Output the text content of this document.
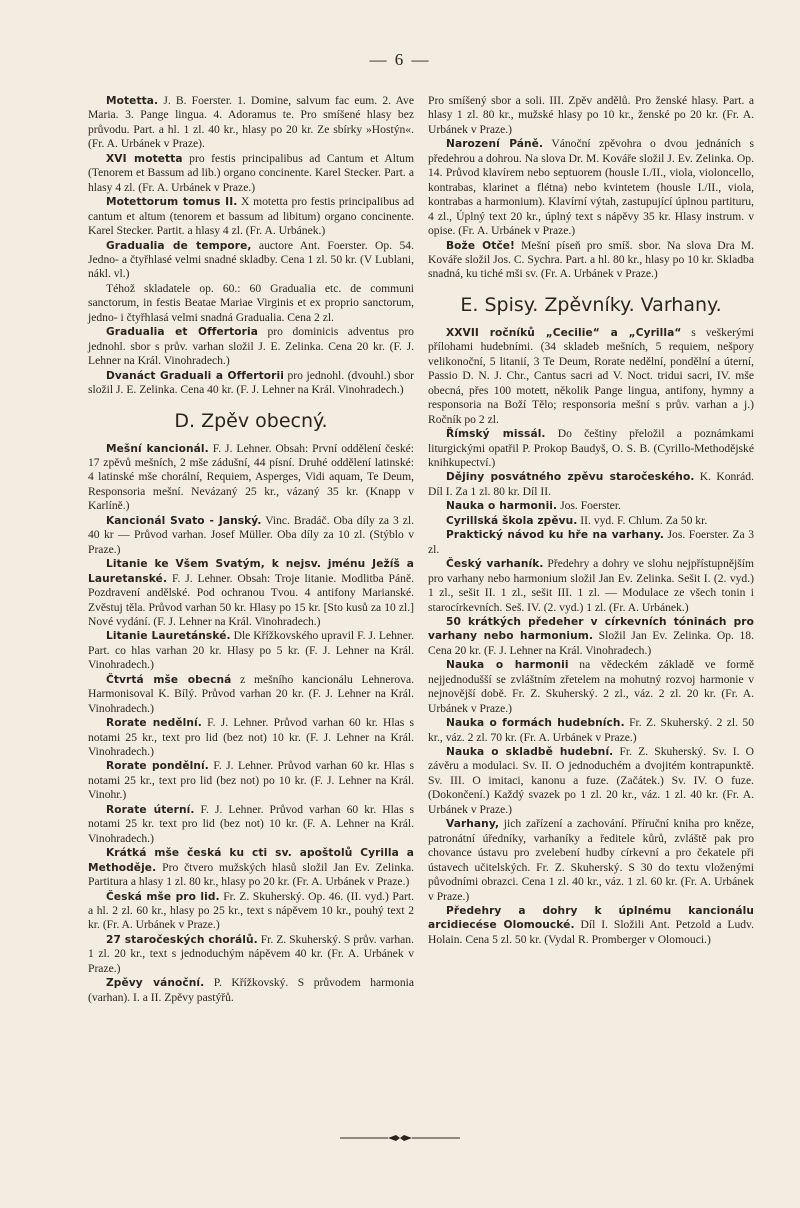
— 6 —

Motetta. J. B. Foerster. 1. Domine, salvum fac eum. 2. Ave Maria. 3. Pange lingua. 4. Adoramus te. Pro smíšené hlasy bez průvodu. Part. a hl. 1 zl. 40 kr., hlasy po 20 kr. Ze sbírky »Hostýn«. (Fr. A. Urbánek v Praze).

XVI motetta pro festis principalibus ad Cantum et Altum (Tenorem et Bassum ad lib.) organo concinente. Karel Stecker. Part. a hlasy 4 zl. (Fr. A. Urbánek v Praze.)

Motettorum tomus II. X motetta pro festis principalibus ad cantum et altum (tenorem et bassum ad libitum) organo concinente. Karel Stecker. Partit. a hlasy 4 zl. (Fr. A. Urbánek.)

Gradualia de tempore, auctore Ant. Foerster. Op. 54. Jedno- a čtyřhlasé velmi snadné skladby. Cena 1 zl. 50 kr. (V Lublani, nákl. vl.)

Téhož skladatele op. 60.: 60 Gradualia etc. de communi sanctorum, in festis Beatae Mariae Virginis et ex proprio sanctorum, jedno- i čtyřhlasá velmi snadná Gradualia. Cena 2 zl.

Gradualia et Offertoria pro dominicis adventus pro jednohl. sbor s prův. varhan složil J. E. Zelinka. Cena 20 kr. (F. J. Lehner na Král. Vinohradech.)

Dvanáct Graduali a Offertorii pro jednohl. (dvouhl.) sbor složil J. E. Zelinka. Cena 40 kr. (F. J. Lehner na Král. Vinohradech.)

D. Zpěv obecný.

Mešní kancionál. F. J. Lehner. Obsah: První oddělení české: 17 zpěvů mešních, 2 mše zádušní, 44 písní. Druhé oddělení latinské: 4 latinské mše chorální, Requiem, Asperges, Vidi aquam, Te Deum, Responsoria mešní. Nevázaný 25 kr., vázaný 35 kr. (Knapp v Karlíně.)

Kancionál Svato - Janský. Vinc. Bradáč. Oba díly za 3 zl. 40 kr — Průvod varhan. Josef Müller. Oba díly za 10 zl. (Stýblo v Praze.)

Litanie ke Všem Svatým, k nejsv. jménu Ježíš a Lauretanské. F. J. Lehner. Obsah: Troje litanie. Modlitba Páně. Pozdravení andělské. Pod ochranou Tvou. 4 antifony Marianské. Zvěstuj těla. Průvod varhan 50 kr. Hlasy po 15 kr. [Sto kusů za 10 zl.] Nové vydání. (F. J. Lehner na Král. Vinohradech.)

Litanie Lauretánské. Dle Křížkovského upravil F. J. Lehner. Part. co hlas varhan 20 kr. Hlasy po 5 kr. (F. J. Lehner na Král. Vinohradech.)

Čtvrtá mše obecná z mešního kancionálu Lehnerova. Harmonisoval K. Bílý. Průvod varhan 20 kr. (F. J. Lehner na Král. Vinohradech.)

Rorate nedělní. F. J. Lehner. Průvod varhan 60 kr. Hlas s notami 25 kr., text pro lid (bez not) 10 kr. (F. J. Lehner na Král. Vinohradech.)

Rorate pondělní. F. J. Lehner. Průvod varhan 60 kr. Hlas s notami 25 kr., text pro lid (bez not) po 10 kr. (F. J. Lehner na Král. Vinohr.)

Rorate úterní. F. J. Lehner. Průvod varhan 60 kr. Hlas s notami 25 kr. text pro lid (bez not) 10 kr. (F. A. Lehner na Král. Vinohradech.)

Krátká mše česká ku cti sv. apoštolů Cyrilla a Methoděje. Pro čtvero mužských hlasů složil Jan Ev. Zelinka. Partitura a hlasy 1 zl. 80 kr., hlasy po 20 kr. (Fr. A. Urbánek v Praze.)

Česká mše pro lid. Fr. Z. Skuherský. Op. 46. (II. vyd.) Part. a hl. 2 zl. 60 kr., hlasy po 25 kr., text s nápěvem 10 kr., pouhý text 2 kr. (Fr. A. Urbánek v Praze.)

27 staročeských chorálů. Fr. Z. Skuherský. S prův. varhan. 1 zl. 20 kr., text s jednoduchým nápěvem 40 kr. (Fr. A. Urbánek v Praze.)

Zpěvy vánoční. P. Křížkovský. S průvodem harmonia (varhan). I. a II. Zpěvy pastýřů.

Pro smíšený sbor a soli. III. Zpěv andělů. Pro ženské hlasy. Part. a hlasy 1 zl. 80 kr., mužské hlasy po 10 kr., ženské po 20 kr. (Fr. A. Urbánek v Praze.)

Narození Páně. Vánoční zpěvohra o dvou jednáních s předehrou a dohrou. Na slova Dr. M. Kováře složil J. Ev. Zelinka. Op. 14. Průvod klavírem nebo septuorem (housle I./II., viola, violoncello, kontrabas, klarinet a flétna) nebo kvintetem (housle I./II., viola, kontrabas a harmonium). Klavírní výtah, zastupující úplnou partituru, 4 zl., Úplný text 20 kr., úplný text s nápěvy 35 kr. Hlasy instrum. v opise. (Fr. A. Urbánek v Praze.)

Bože Otče! Mešní píseň pro smíš. sbor. Na slova Dra M. Kováře složil Jos. C. Sychra. Part. a hl. 80 kr., hlasy po 10 kr. Skladba snadná, ku tiché mši sv. (Fr. A. Urbánek v Praze.)

E. Spisy. Zpěvníky. Varhany.

XXVII ročníků „Cecilie“ a „Cyrilla“ s veškerými přílohami hudebními. (34 skladeb mešních, 5 requiem, nešpory velikonoční, 5 litanií, 3 Te Deum, Rorate nedělní, pondělní a úterní, Passio D. N. J. Chr., Cantus sacri ad V. Noct. tridui sacri, IV. mše obecná, přes 100 motett, několik Pange lingua, antifony, hymny a responsoria na Boží Tělo; responsoria mešní s prův. varhan a j.) Ročník po 2 zl.

Římský missál. Do češtiny přeložil a poznámkami liturgickými opatřil P. Prokop Baudyš, O. S. B. (Cyrillo-Methodějské knihkupectví.)

Dějiny posvátného zpěvu staročeského. K. Konrád. Díl I. Za 1 zl. 80 kr. Díl II.

Nauka o harmonii. Jos. Foerster.

Cyrillská škola zpěvu. II. vyd. F. Chlum. Za 50 kr.

Praktický návod ku hře na varhany. Jos. Foerster. Za 3 zl.

Český varhaník. Předehry a dohry ve slohu nejpřístupnějším pro varhany nebo harmonium složil Jan Ev. Zelinka. Sešit I. (2. vyd.) 1 zl., sešit II. 1 zl., sešit III. 1 zl. — Modulace ze všech tonin i starocírkevních. Seš. IV. (2. vyd.) 1 zl. (Fr. A. Urbánek.)

50 krátkých předeher v církevních tóninách pro varhany nebo harmonium. Složil Jan Ev. Zelinka. Op. 18. Cena 20 kr. (F. J. Lehner na Král. Vinohradech.)

Nauka o harmonii na vědeckém základě ve formě nejjednodušší se zvláštním zřetelem na mohutný rozvoj harmonie v nejnovější době. Fr. Z. Skuherský. 2 zl., váz. 2 zl. 20 kr. (Fr. A. Urbánek v Praze.)

Nauka o formách hudebních. Fr. Z. Skuherský. 2 zl. 50 kr., váz. 2 zl. 70 kr. (Fr. A. Urbánek v Praze.)

Nauka o skladbě hudební. Fr. Z. Skuherský. Sv. I. O závěru a modulaci. Sv. II. O jednoduchém a dvojitém kontrapunktě. Sv. III. O imitaci, kanonu a fuze. (Začátek.) Sv. IV. O fuze. (Dokončení.) Každý svazek po 1 zl. 20 kr., váz. 1 zl. 40 kr. (Fr. A. Urbánek v Praze.)

Varhany, jich zařízení a zachování. Příruční kniha pro kněze, patronátní úředníky, varhaníky a ředitele kůrů, zvláště pak pro chovance ústavu pro zvelebení hudby církevní a pro čekatele při ústavech učitelských. Fr. Z. Skuherský. S 30 do textu vloženými původními obrazci. Cena 1 zl. 40 kr., váz. 1 zl. 60 kr. (Fr. A. Urbánek v Praze.)

Předehry a dohry k úplnému kancionálu arcidiecése Olomoucké. Díl I. Složili Ant. Petzold a Ludv. Holain. Cena 5 zl. 50 kr. (Vydal R. Promberger v Olomouci.)
